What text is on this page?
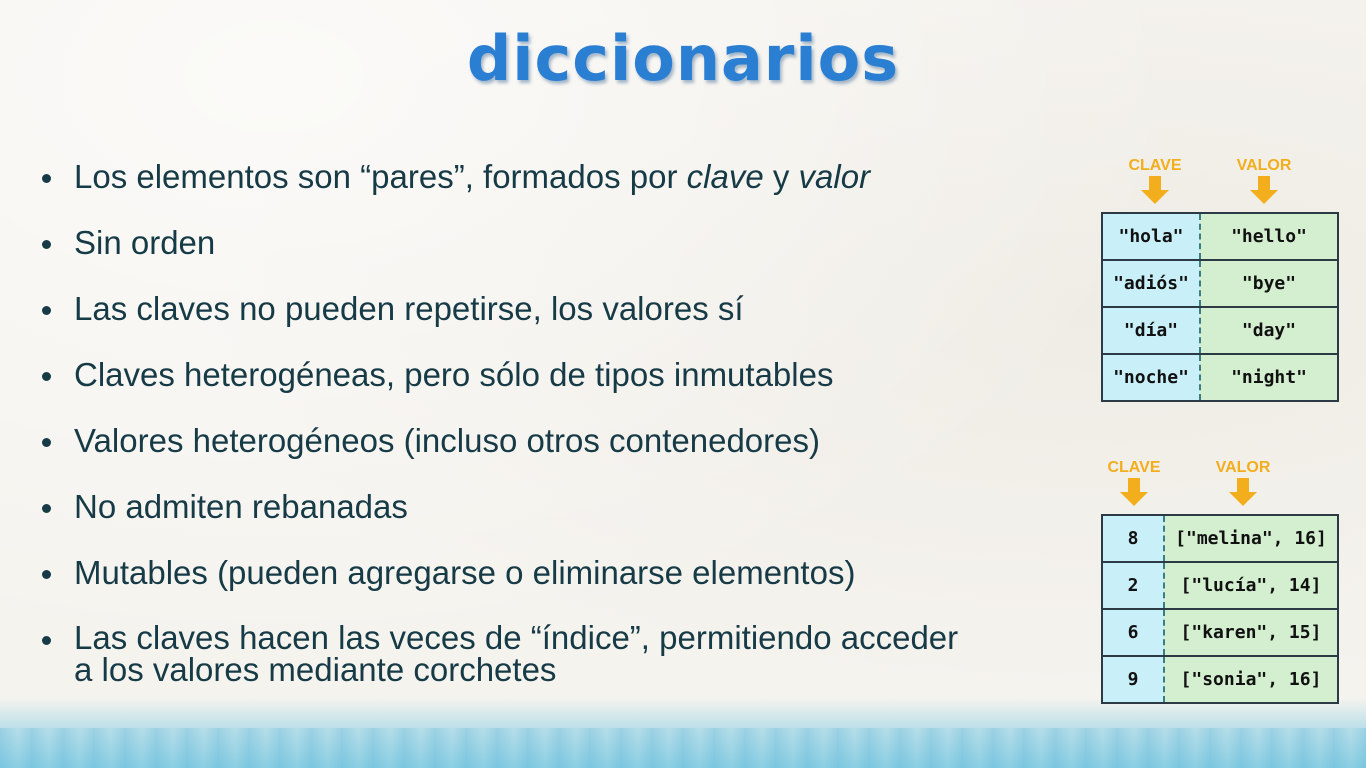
diccionarios
Los elementos son “pares”, formados por clave y valor
Sin orden
Las claves no pueden repetirse, los valores sí
Claves heterogéneas, pero sólo de tipos inmutables
Valores heterogéneos (incluso otros contenedores)
No admiten rebanadas
Mutables (pueden agregarse o eliminarse elementos)
Las claves hacen las veces de “índice”, permitiendo acceder a los valores mediante corchetes
CLAVE	VALOR
"hola"	"hello"
"adiós"	"bye"
"día"	"day"
"noche"	"night"
CLAVE	VALOR
8	["melina", 16]
2	["lucía", 14]
6	["karen", 15]
9	["sonia", 16]
